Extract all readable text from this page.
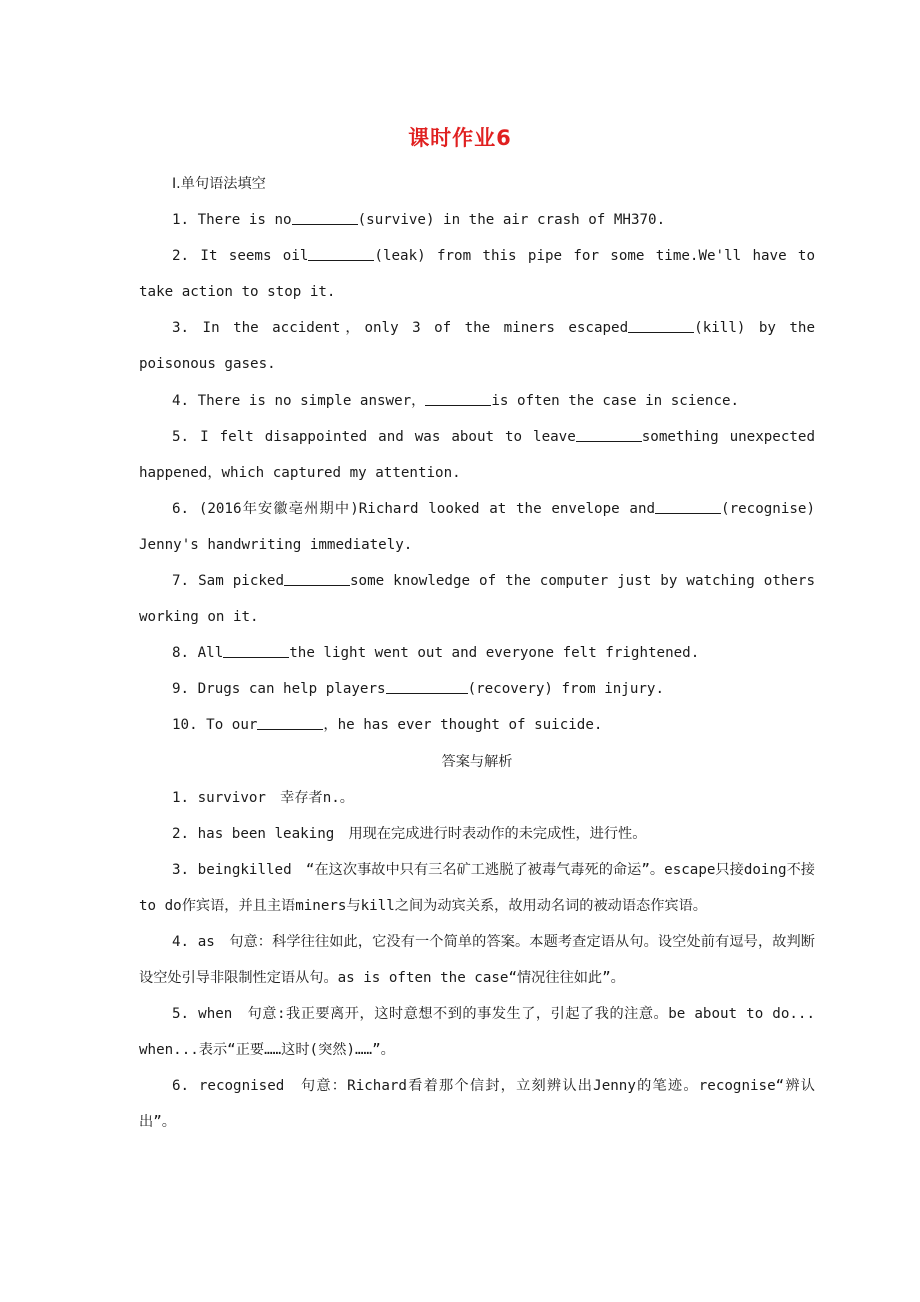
课时作业6

Ⅰ.单句语法填空

1. There is no	(survive) in the air crash of MH370.

2. It seems oil	(leak) from this pipe for some time.We'll have to take action to stop it.

3. In the accident，only 3 of the miners escaped	(kill) by the poisonous gases.

4. There is no simple answer，	is often the case in science.

5. I felt disappointed and was about to leave	something unexpected happened，which captured my attention.

6. (2016年安徽亳州期中)Richard looked at the envelope and	(recognise) Jenny's handwriting immediately.

7. Sam picked	some knowledge of the computer just by watching others working on it.

8. All	the light went out and everyone felt frightened.

9. Drugs can help players	(recovery) from injury.

10. To our	，he has ever thought of suicide.

答案与解析

1. survivor　幸存者n.。

2. has been leaking　用现在完成进行时表动作的未完成性，进行性。

3. beingkilled　“在这次事故中只有三名矿工逃脱了被毒气毒死的命运”。escape只接doing不接to do作宾语，并且主语miners与kill之间为动宾关系，故用动名词的被动语态作宾语。

4. as　句意：科学往往如此，它没有一个简单的答案。本题考查定语从句。设空处前有逗号，故判断设空处引导非限制性定语从句。as is often the case“情况往往如此”。

5. when　句意:我正要离开，这时意想不到的事发生了，引起了我的注意。be about to do... when...表示“正要……这时(突然)……”。

6. recognised　句意：Richard看着那个信封，立刻辨认出Jenny的笔迹。recognise“辨认出”。
